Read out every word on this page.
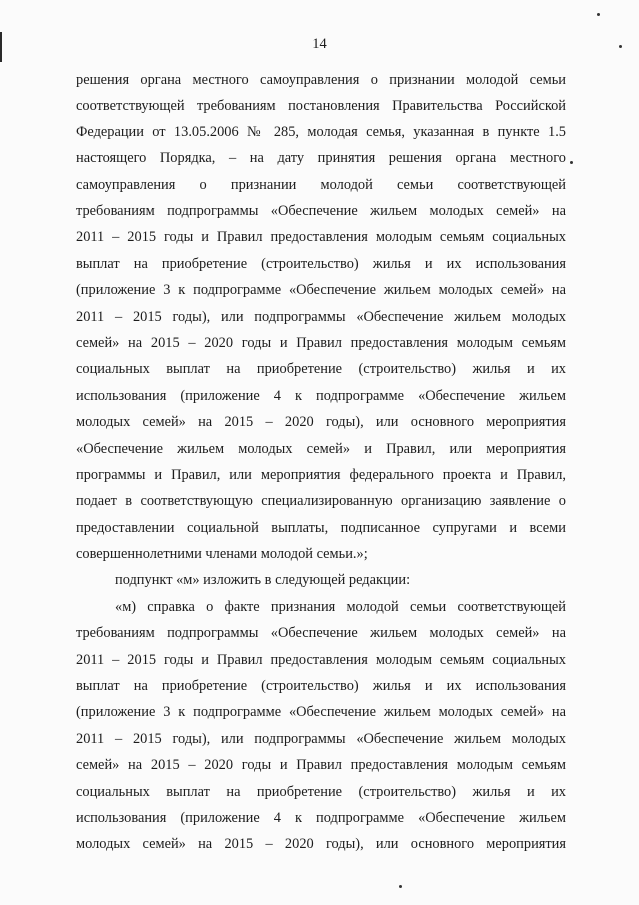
14
решения органа местного самоуправления о признании молодой семьи
соответствующей требованиям постановления Правительства Российской
Федерации от 13.05.2006 № 285, молодая семья, указанная в пункте 1.5
настоящего Порядка, – на дату принятия решения органа местного
самоуправления о признании молодой семьи соответствующей
требованиям подпрограммы «Обеспечение жильем молодых семей» на
2011 – 2015 годы и Правил предоставления молодым семьям социальных
выплат на приобретение (строительство) жилья и их использования
(приложение 3 к подпрограмме «Обеспечение жильем молодых семей» на
2011 – 2015 годы), или подпрограммы «Обеспечение жильем молодых
семей» на 2015 – 2020 годы и Правил предоставления молодым семьям
социальных выплат на приобретение (строительство) жилья и их
использования (приложение 4 к подпрограмме «Обеспечение жильем
молодых семей» на 2015 – 2020 годы), или основного мероприятия
«Обеспечение жильем молодых семей» и Правил, или мероприятия
программы и Правил, или мероприятия федерального проекта и Правил,
подает в соответствующую специализированную организацию заявление о
предоставлении социальной выплаты, подписанное супругами и всеми
совершеннолетними членами молодой семьи.»;
подпункт «м» изложить в следующей редакции:
«м) справка о факте признания молодой семьи соответствующей
требованиям подпрограммы «Обеспечение жильем молодых семей» на
2011 – 2015 годы и Правил предоставления молодым семьям социальных
выплат на приобретение (строительство) жилья и их использования
(приложение 3 к подпрограмме «Обеспечение жильем молодых семей» на
2011 – 2015 годы), или подпрограммы «Обеспечение жильем молодых
семей» на 2015 – 2020 годы и Правил предоставления молодым семьям
социальных выплат на приобретение (строительство) жилья и их
использования (приложение 4 к подпрограмме «Обеспечение жильем
молодых семей» на 2015 – 2020 годы), или основного мероприятия
